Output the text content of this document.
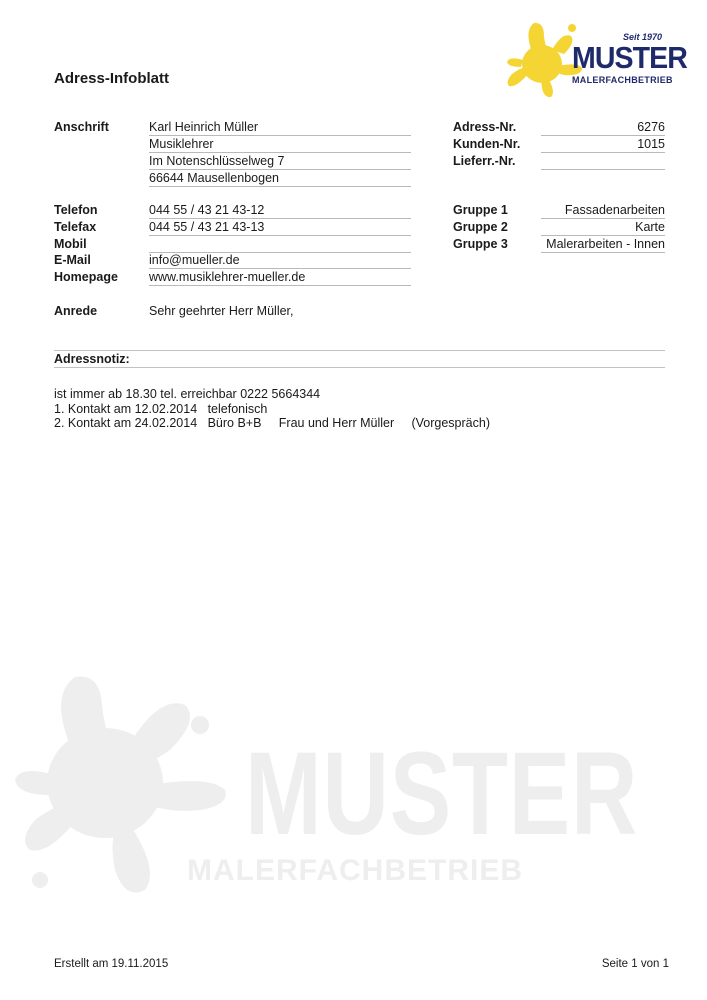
MUSTER
MALERFACHBETRIEB
Seit 1970
MUSTER
MALERFACHBETRIEB
Adress-Infoblatt
Anschrift	Karl Heinrich Müller
Musiklehrer
Im Notenschlüsselweg 7
66644 Mausellenbogen
Telefon	044 55 / 43 21 43-12
Telefax	044 55 / 43 21 43-13
Mobil
E-Mail	info@mueller.de
Homepage www.musiklehrer-mueller.de
Anrede	Sehr geehrter Herr Müller,
Adress-Nr.	6276
Kunden-Nr.	1015
Lieferr.-Nr.
Gruppe 1	Fassadenarbeiten
Gruppe 2	Karte
Gruppe 3	Malerarbeiten - Innen
Adressnotiz:
ist immer ab 18.30 tel. erreichbar 0222 5664344
1. Kontakt am 12.02.2014   telefonisch
2. Kontakt am 24.02.2014   Büro B+B     Frau und Herr Müller     (Vorgespräch)
Erstellt am 19.11.2015	Seite 1 von 1
